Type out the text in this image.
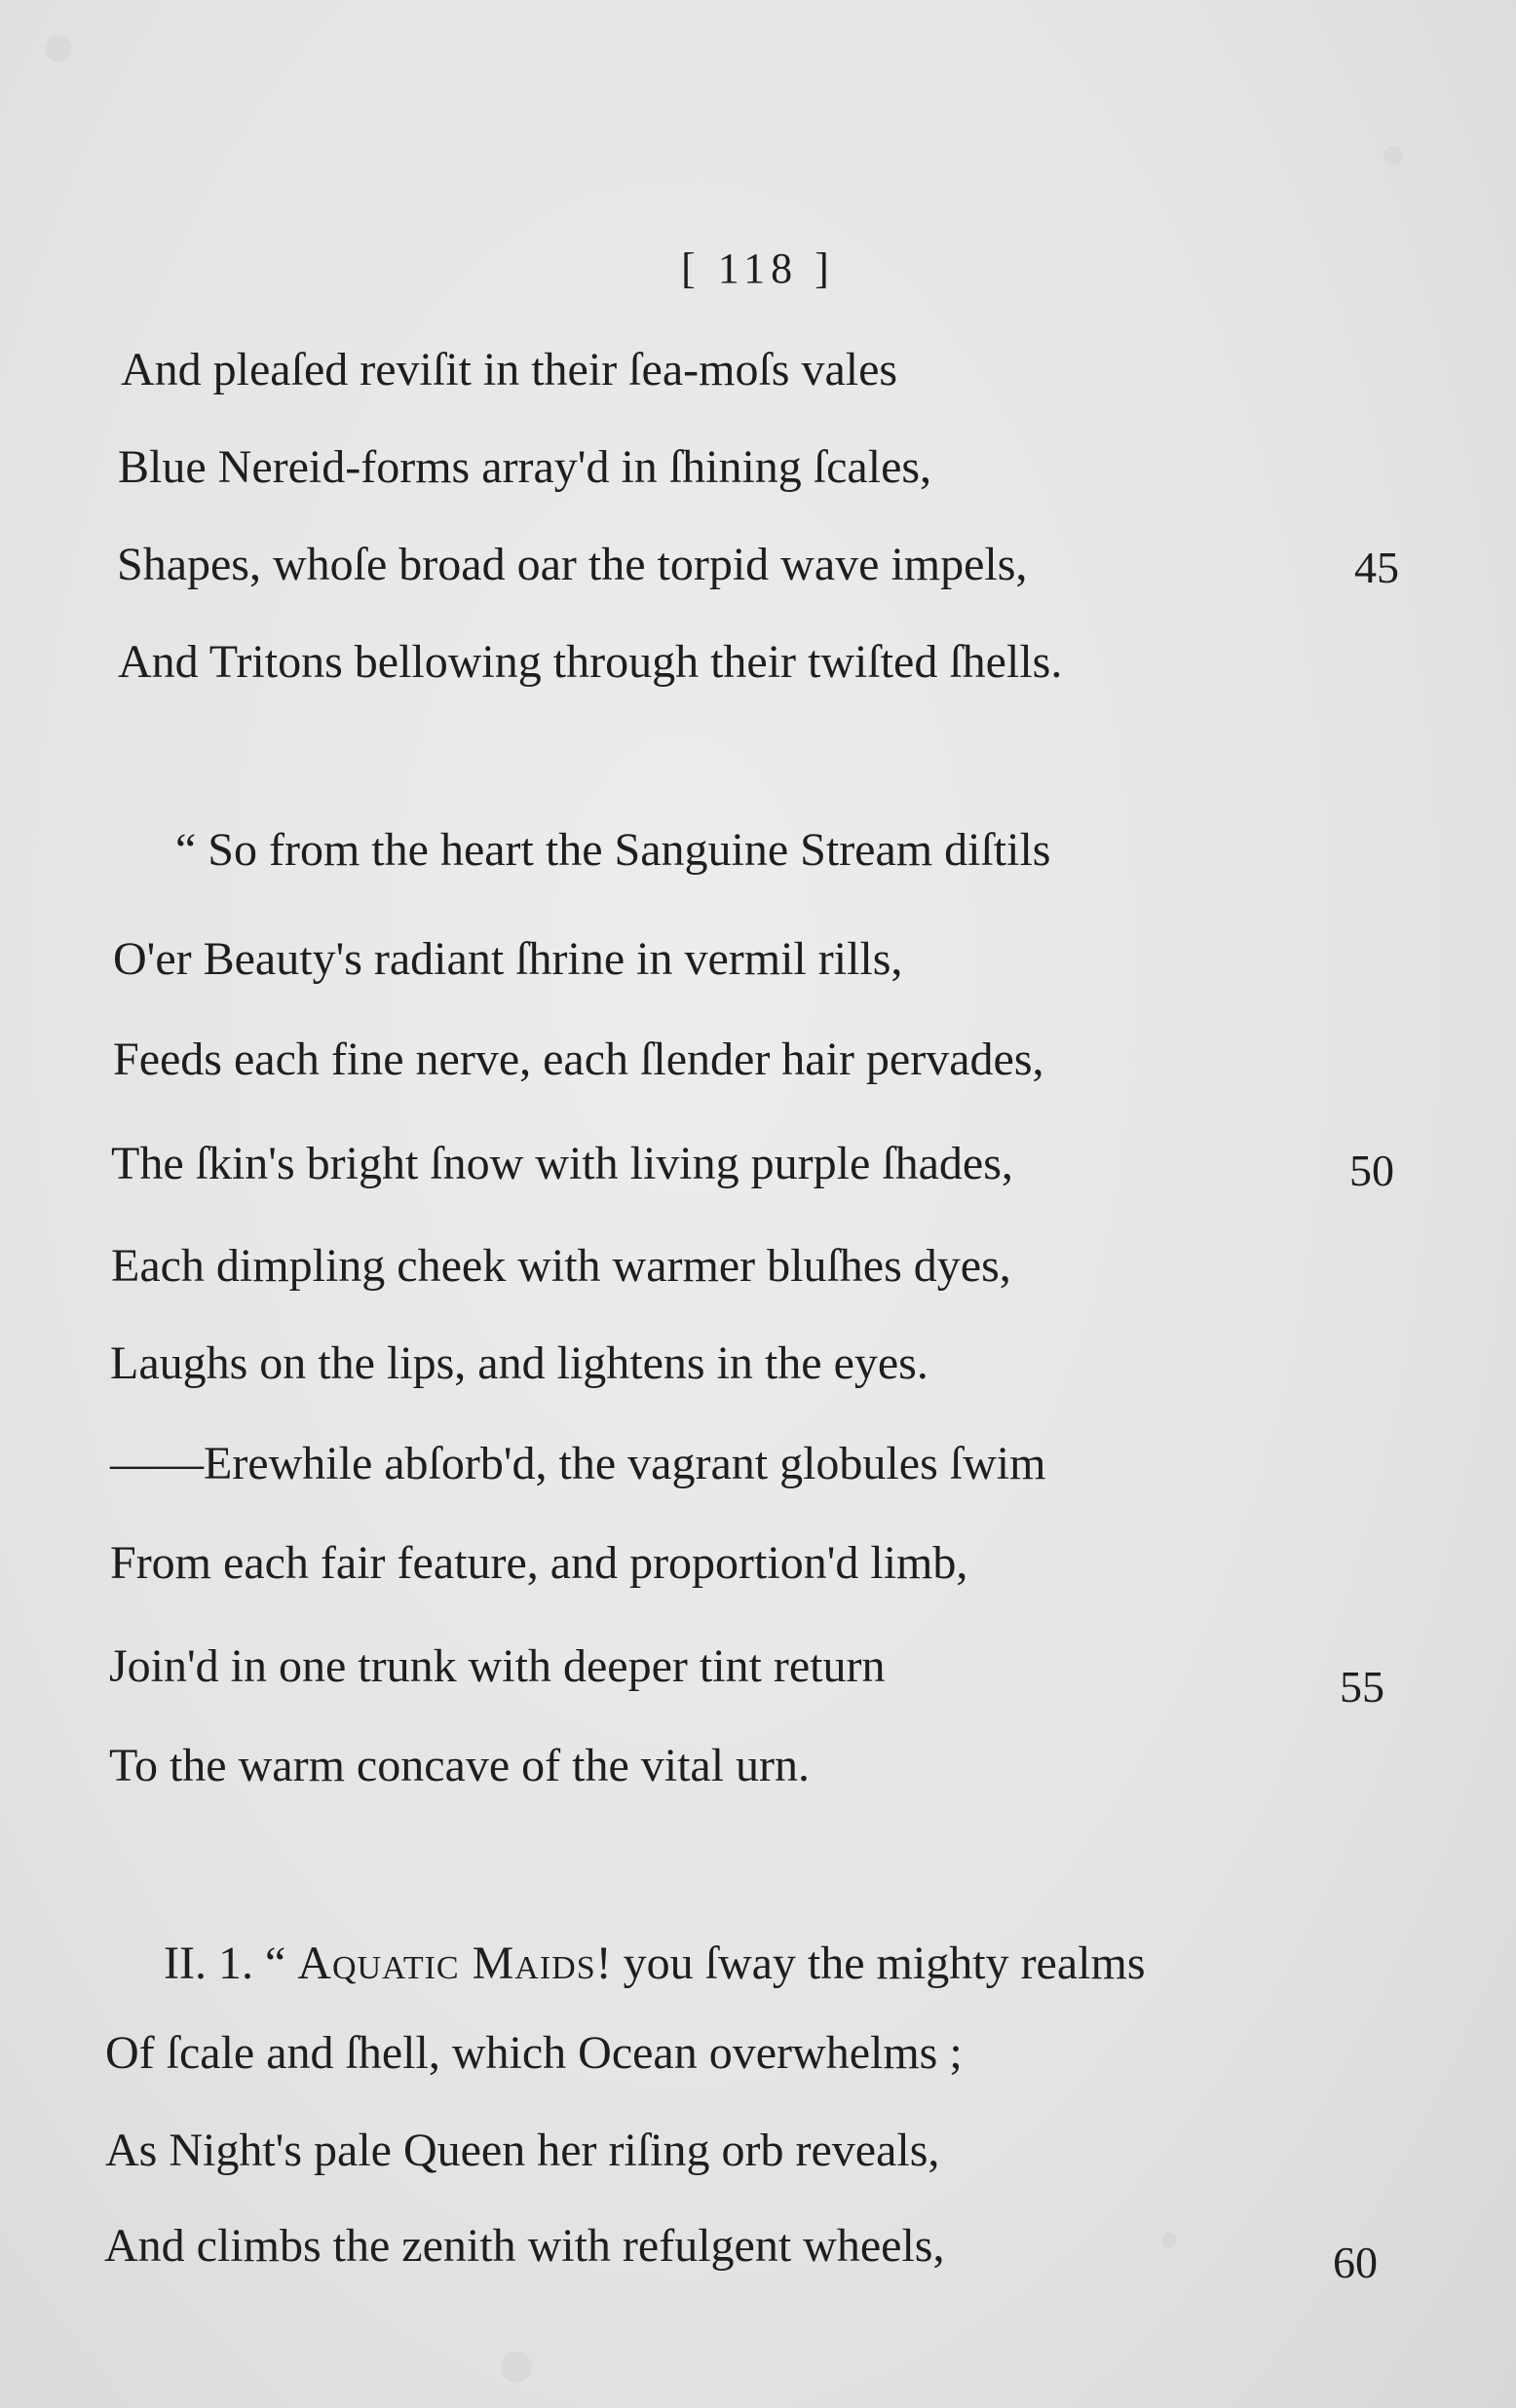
[ 118 ]
And pleaſed reviſit in their ſea-moſs vales
Blue Nereid-forms array'd in ſhining ſcales,
Shapes, whoſe broad oar the torpid wave impels,	45
And Tritons bellowing through their twiſted ſhells.
“ So from the heart the Sanguine Stream diſtils
O'er Beauty's radiant ſhrine in vermil rills,
Feeds each fine nerve, each ſlender hair pervades,
The ſkin's bright ſnow with living purple ſhades,	50
Each dimpling cheek with warmer bluſhes dyes,
Laughs on the lips, and lightens in the eyes.
——Erewhile abſorb'd, the vagrant globules ſwim
From each fair feature, and proportion'd limb,
Join'd in one trunk with deeper tint return	55
To the warm concave of the vital urn.
II. 1. “ Aquatic Maids! you ſway the mighty realms
Of ſcale and ſhell, which Ocean overwhelms ;
As Night's pale Queen her riſing orb reveals,
And climbs the zenith with refulgent wheels,	60
